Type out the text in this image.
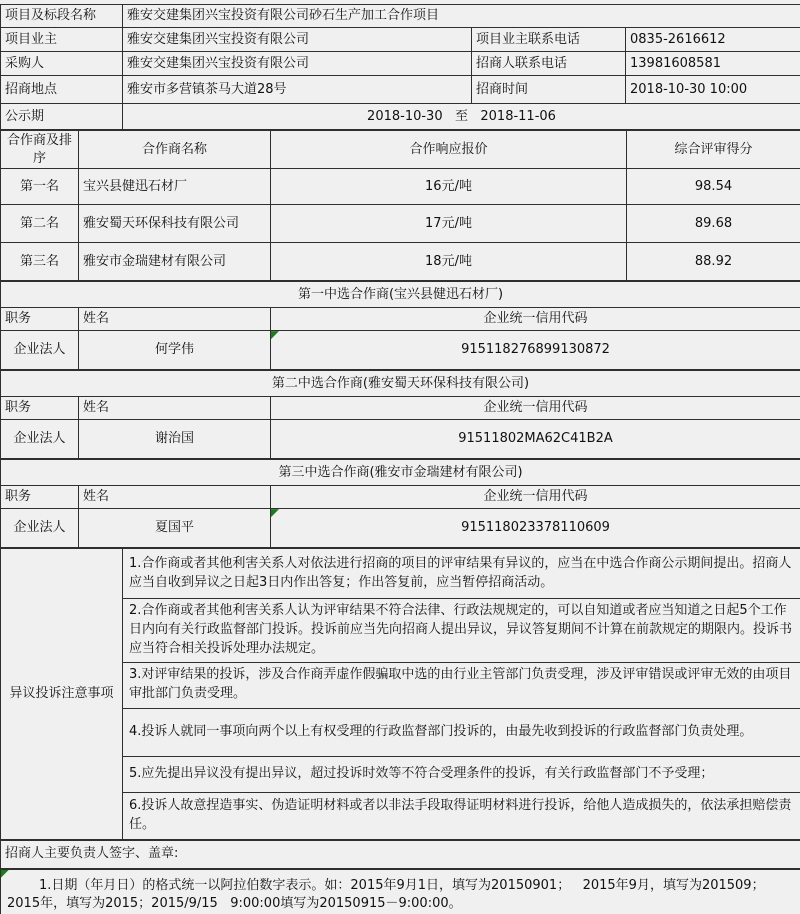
项目及标段名称	雅安交建集团兴宝投资有限公司砂石生产加工合作项目		
项目业主	雅安交建集团兴宝投资有限公司	项目业主联系电话	0835-2616612
采购人	雅安交建集团兴宝投资有限公司	招商人联系电话	13981608581
招商地点	雅安市多营镇茶马大道28号	招商时间	2018-10-30 10:00
公示期	2018-10-30   至   2018-11-06		
合作商及排序	合作商名称	合作响应报价	综合评审得分
第一名	宝兴县健迅石材厂	16元/吨	98.54
第二名	雅安蜀天环保科技有限公司	17元/吨	89.68
第三名	雅安市金瑞建材有限公司	18元/吨	88.92
第一中选合作商(宝兴县健迅石材厂)		
职务	姓名	企业统一信用代码
企业法人	何学伟	915118276899130872
第二中选合作商(雅安蜀天环保科技有限公司)		
职务	姓名	企业统一信用代码
企业法人	谢治国	91511802MA62C41B2A
第三中选合作商(雅安市金瑞建材有限公司)		
职务	姓名	企业统一信用代码
企业法人	夏国平	915118023378110609
异议投诉注意事项	1.合作商或者其他利害关系人对依法进行招商的项目的评审结果有异议的，应当在中选合作商公示期间提出。招商人应当自收到异议之日起3日内作出答复；作出答复前，应当暂停招商活动。
2.合作商或者其他利害关系人认为评审结果不符合法律、行政法规规定的，可以自知道或者应当知道之日起5个工作日内向有关行政监督部门投诉。投诉前应当先向招商人提出异议，异议答复期间不计算在前款规定的期限内。投诉书应当符合相关投诉处理办法规定。
3.对评审结果的投诉，涉及合作商弄虚作假骗取中选的由行业主管部门负责受理，涉及评审错误或评审无效的由项目审批部门负责受理。
4.投诉人就同一事项向两个以上有权受理的行政监督部门投诉的，由最先收到投诉的行政监督部门负责处理。
5.应先提出异议没有提出异议，超过投诉时效等不符合受理条件的投诉，有关行政监督部门不予受理；
6.投诉人故意捏造事实、伪造证明材料或者以非法手段取得证明材料进行投诉，给他人造成损失的，依法承担赔偿责任。
招商人主要负责人签字、盖章:
1.日期（年月日）的格式统一以阿拉伯数字表示。如：2015年9月1日，填写为20150901；   2015年9月，填写为201509；
2015年，填写为2015；2015/9/15   9:00:00填写为20150915－9:00:00。
